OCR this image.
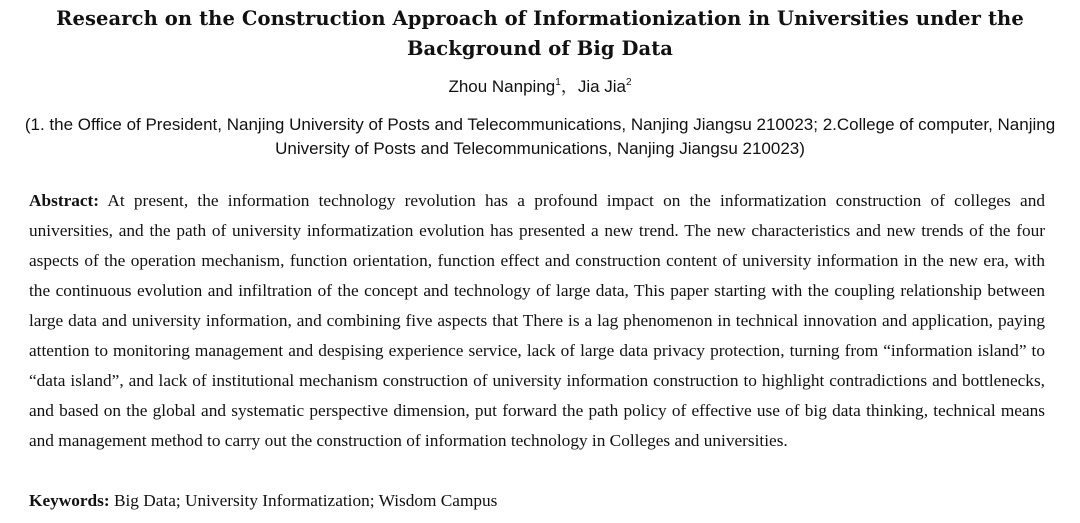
Research on the Construction Approach of Informationization in Universities under the Background of Big Data
Zhou Nanping$^1$，Jia Jia$^2$
(1. the Office of President, Nanjing University of Posts and Telecommunications, Nanjing Jiangsu 210023; 2.College of computer, Nanjing University of Posts and Telecommunications, Nanjing Jiangsu 210023)
Abstract: At present, the information technology revolution has a profound impact on the informatization construction of colleges and universities, and the path of university informatization evolution has presented a new trend. The new characteristics and new trends of the four aspects of the operation mechanism, function orientation, function effect and construction content of university information in the new era, with the continuous evolution and infiltration of the concept and technology of large data, This paper starting with the coupling relationship between large data and university information, and combining five aspects that There is a lag phenomenon in technical innovation and application, paying attention to monitoring management and despising experience service, lack of large data privacy protection, turning from “information island” to “data island”, and lack of institutional mechanism construction of university information construction to highlight contradictions and bottlenecks, and based on the global and systematic perspective dimension, put forward the path policy of effective use of big data thinking, technical means and management method to carry out the construction of information technology in Colleges and universities.
Keywords: Big Data; University Informatization; Wisdom Campus
